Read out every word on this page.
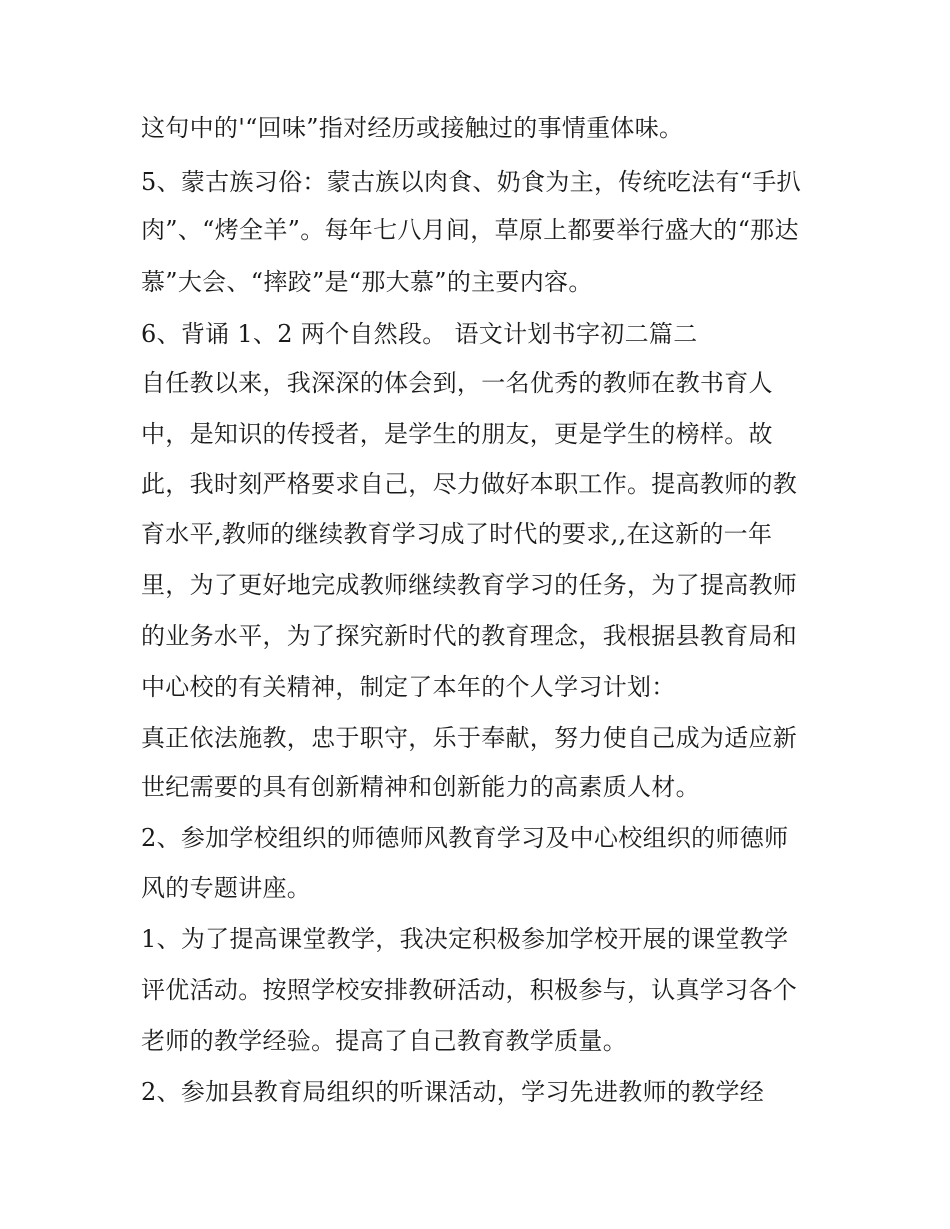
这句中的'“回味”指对经历或接触过的事情重体味。
5、蒙古族习俗：蒙古族以肉食、奶食为主，传统吃法有“手扒
肉”、“烤全羊”。每年七八月间，草原上都要举行盛大的“那达
慕”大会、“摔跤”是“那大慕”的主要内容。
6、背诵 1、2 两个自然段。 语文计划书字初二篇二
自任教以来，我深深的体会到，一名优秀的教师在教书育人
中，是知识的传授者，是学生的朋友，更是学生的榜样。故
此，我时刻严格要求自己，尽力做好本职工作。提高教师的教
育水平,教师的继续教育学习成了时代的要求,,在这新的一年
里，为了更好地完成教师继续教育学习的任务，为了提高教师
的业务水平，为了探究新时代的教育理念，我根据县教育局和
中心校的有关精神，制定了本年的个人学习计划：
真正依法施教，忠于职守，乐于奉献，努力使自己成为适应新
世纪需要的具有创新精神和创新能力的高素质人材。
2、参加学校组织的师德师风教育学习及中心校组织的师德师
风的专题讲座。
1、为了提高课堂教学，我决定积极参加学校开展的课堂教学
评优活动。按照学校安排教研活动，积极参与，认真学习各个
老师的教学经验。提高了自己教育教学质量。
2、参加县教育局组织的听课活动，学习先进教师的教学经
